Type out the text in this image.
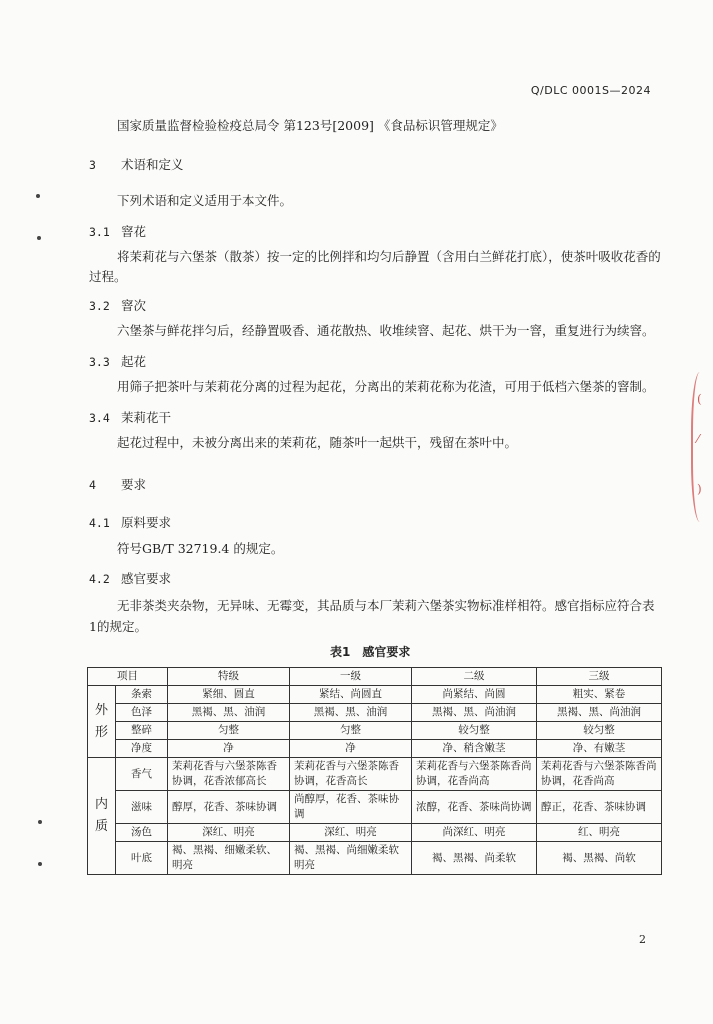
Q/DLC 0001S—2024
国家质量监督检验检疫总局令 第123号[2009] 《食品标识管理规定》
3 术语和定义
下列术语和定义适用于本文件。
3.1 窨花
将茉莉花与六堡茶（散茶）按一定的比例拌和均匀后静置（含用白兰鲜花打底），使茶叶吸收花香的过程。
3.2 窨次
六堡茶与鲜花拌匀后，经静置吸香、通花散热、收堆续窨、起花、烘干为一窨，重复进行为续窨。
3.3 起花
用筛子把茶叶与茉莉花分离的过程为起花，分离出的茉莉花称为花渣，可用于低档六堡茶的窨制。
3.4 茉莉花干
起花过程中，未被分离出来的茉莉花，随茶叶一起烘干，残留在茶叶中。
4 要求
4.1 原料要求
符号GB/T 32719.4 的规定。
4.2 感官要求
无非茶类夹杂物，无异味、无霉变，其品质与本厂茉莉六堡茶实物标准样相符。感官指标应符合表
1的规定。
表1　感官要求
项目		特级	一级	二级	三级
外
形	条索	紧细、圆直	紧结、尚圆直	尚紧结、尚圆	粗实、紧卷
	色泽	黑褐、黑、油润	黑褐、黑、油润	黑褐、黑、尚油润	黑褐、黑、尚油润
	整碎	匀整	匀整	较匀整	较匀整
	净度	净	净	净、稍含嫩茎	净、有嫩茎
内
质	香气	茉莉花香与六堡茶陈香协调，花香浓郁高长	茉莉花香与六堡茶陈香协调，花香高长	茉莉花香与六堡茶陈香尚协调，花香尚高	茉莉花香与六堡茶陈香尚协调，花香尚高
	滋味	醇厚，花香、茶味协调	尚醇厚，花香、茶味协调	浓醇，花香、茶味尚协调	醇正，花香、茶味协调
	汤色	深红、明亮	深红、明亮	尚深红、明亮	红、明亮
	叶底	褐、黑褐、细嫩柔软、明亮	褐、黑褐、尚细嫩柔软明亮	褐、黑褐、尚柔软	褐、黑褐、尚软
2
(
⁄
)
